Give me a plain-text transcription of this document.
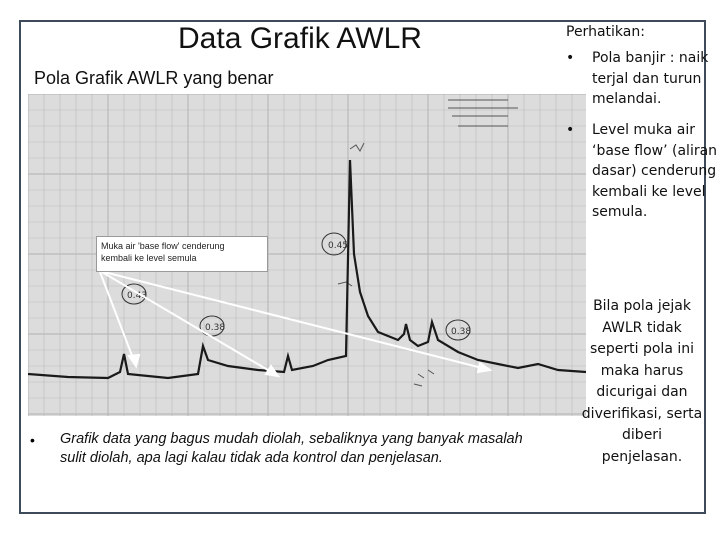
Data Grafik AWLR
Pola Grafik AWLR yang benar
0.45
0.38	0.38
0.43
Muka air 'base flow' cenderung
kembali ke level semula
• Grafik data yang bagus mudah diolah, sebaliknya yang banyak masalah sulit diolah, apa lagi kalau tidak ada kontrol dan penjelasan.
Perhatikan:
• Pola banjir : naik terjal dan turun melandai.
• Level muka air ‘base flow’ (aliran dasar) cenderung kembali ke level semula.
Bila pola jejak AWLR tidak seperti pola ini maka harus dicurigai dan diverifikasi, serta diberi penjelasan.
